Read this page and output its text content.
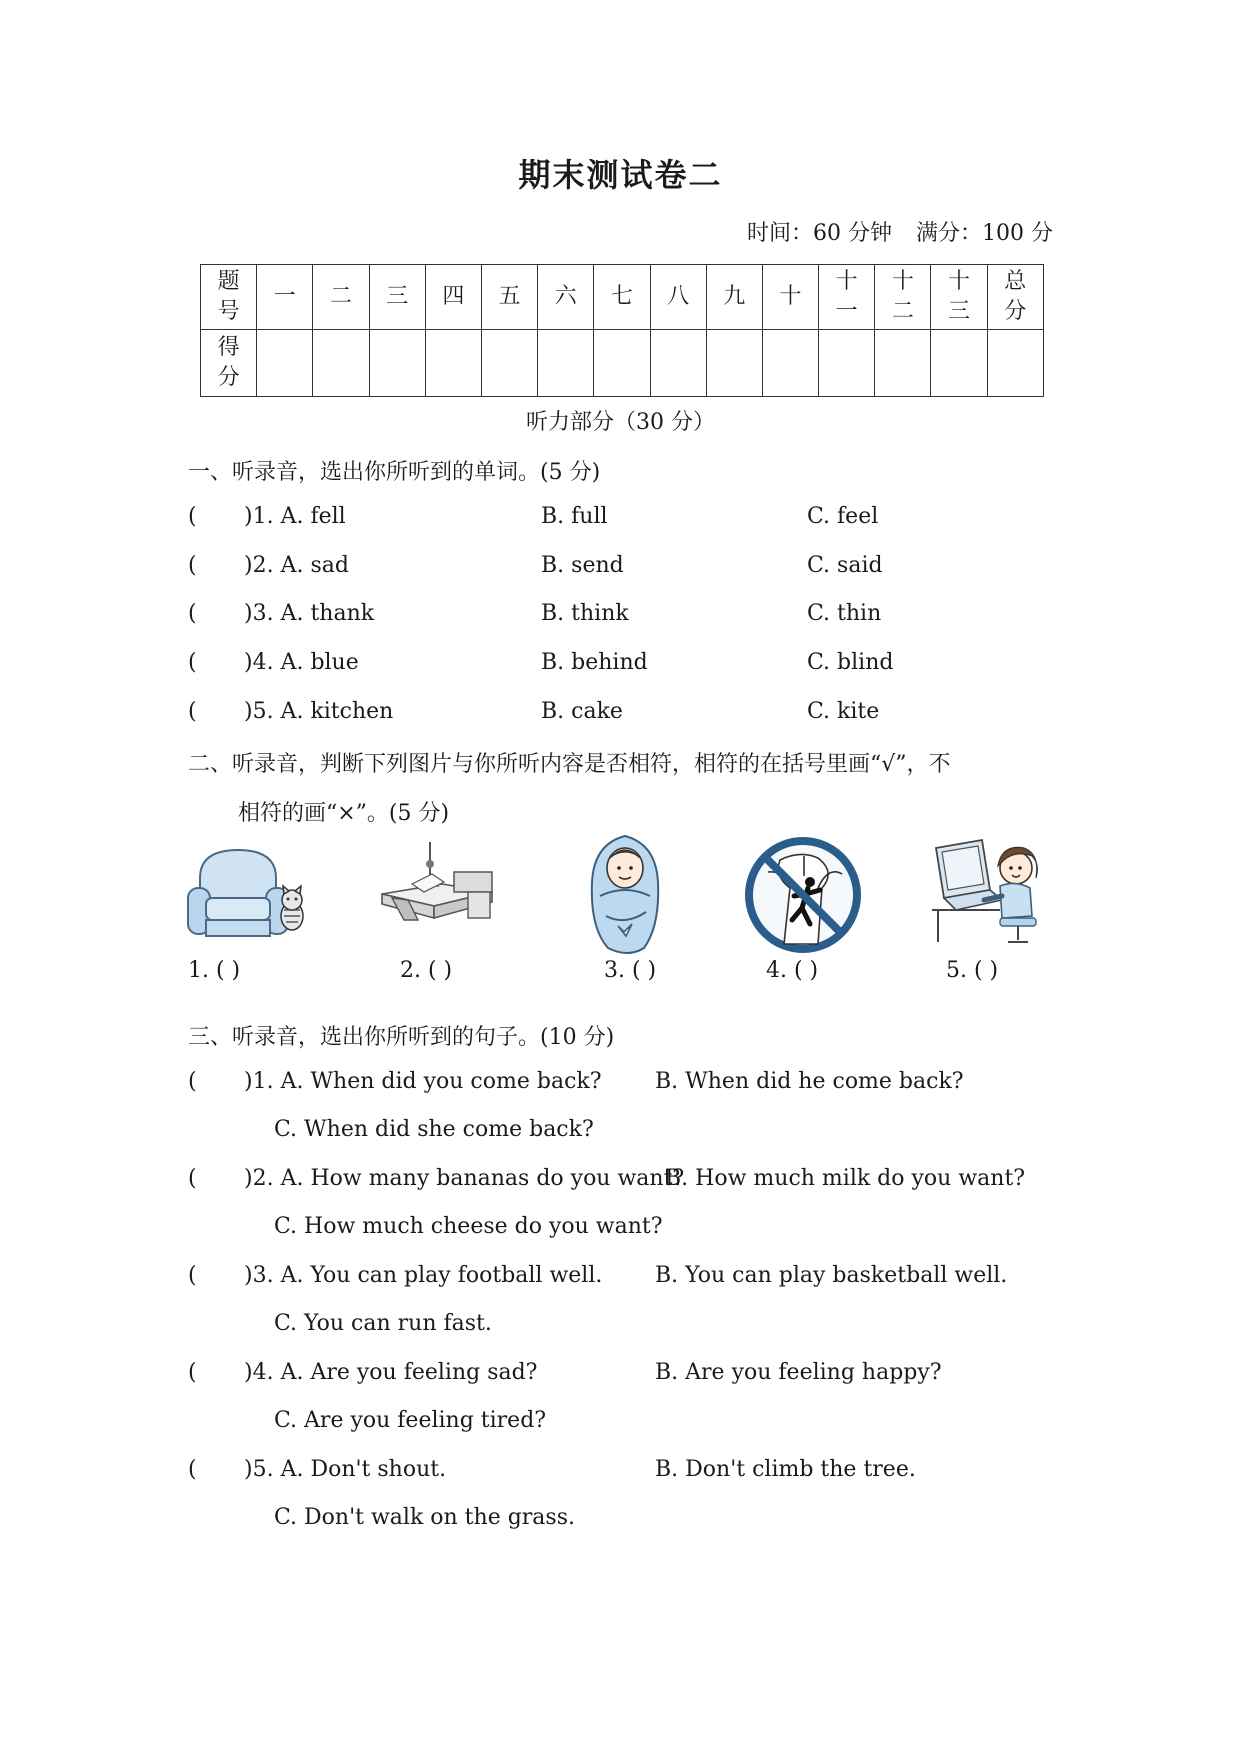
期末测试卷二
时间：60 分钟 满分：100 分
题号	一	二	三	四	五	六	七	八	九	十	十一	十二	十三	总分
得分														
听力部分（30 分）
一、听录音，选出你所听到的单词。(5 分)
( )1. A. fell	B. full	C. feel
( )2. A. sad	B. send	C. said
( )3. A. thank	B. think	C. thin
( )4. A. blue	B. behind	C. blind
( )5. A. kitchen	B. cake	C. kite
二、听录音，判断下列图片与你所听内容是否相符，相符的在括号里画“√”，不
相符的画“×”。(5 分)
1. ( )	2. ( )	3. ( )	4. ( )	5. ( )
三、听录音，选出你所听到的句子。(10 分)
( )1. A. When did you come back? B. When did he come back?
C. When did she come back?
( )2. A. How many bananas do you want?
B. How much milk do you want?
C. How much cheese do you want?
( )3. A. You can play football well. B. You can play basketball well.
C. You can run fast.
( )4. A. Are you feeling sad?	B. Are you feeling happy?
C. Are you feeling tired?
( )5. A. Don't shout.	B. Don't climb the tree.
C. Don't walk on the grass.
